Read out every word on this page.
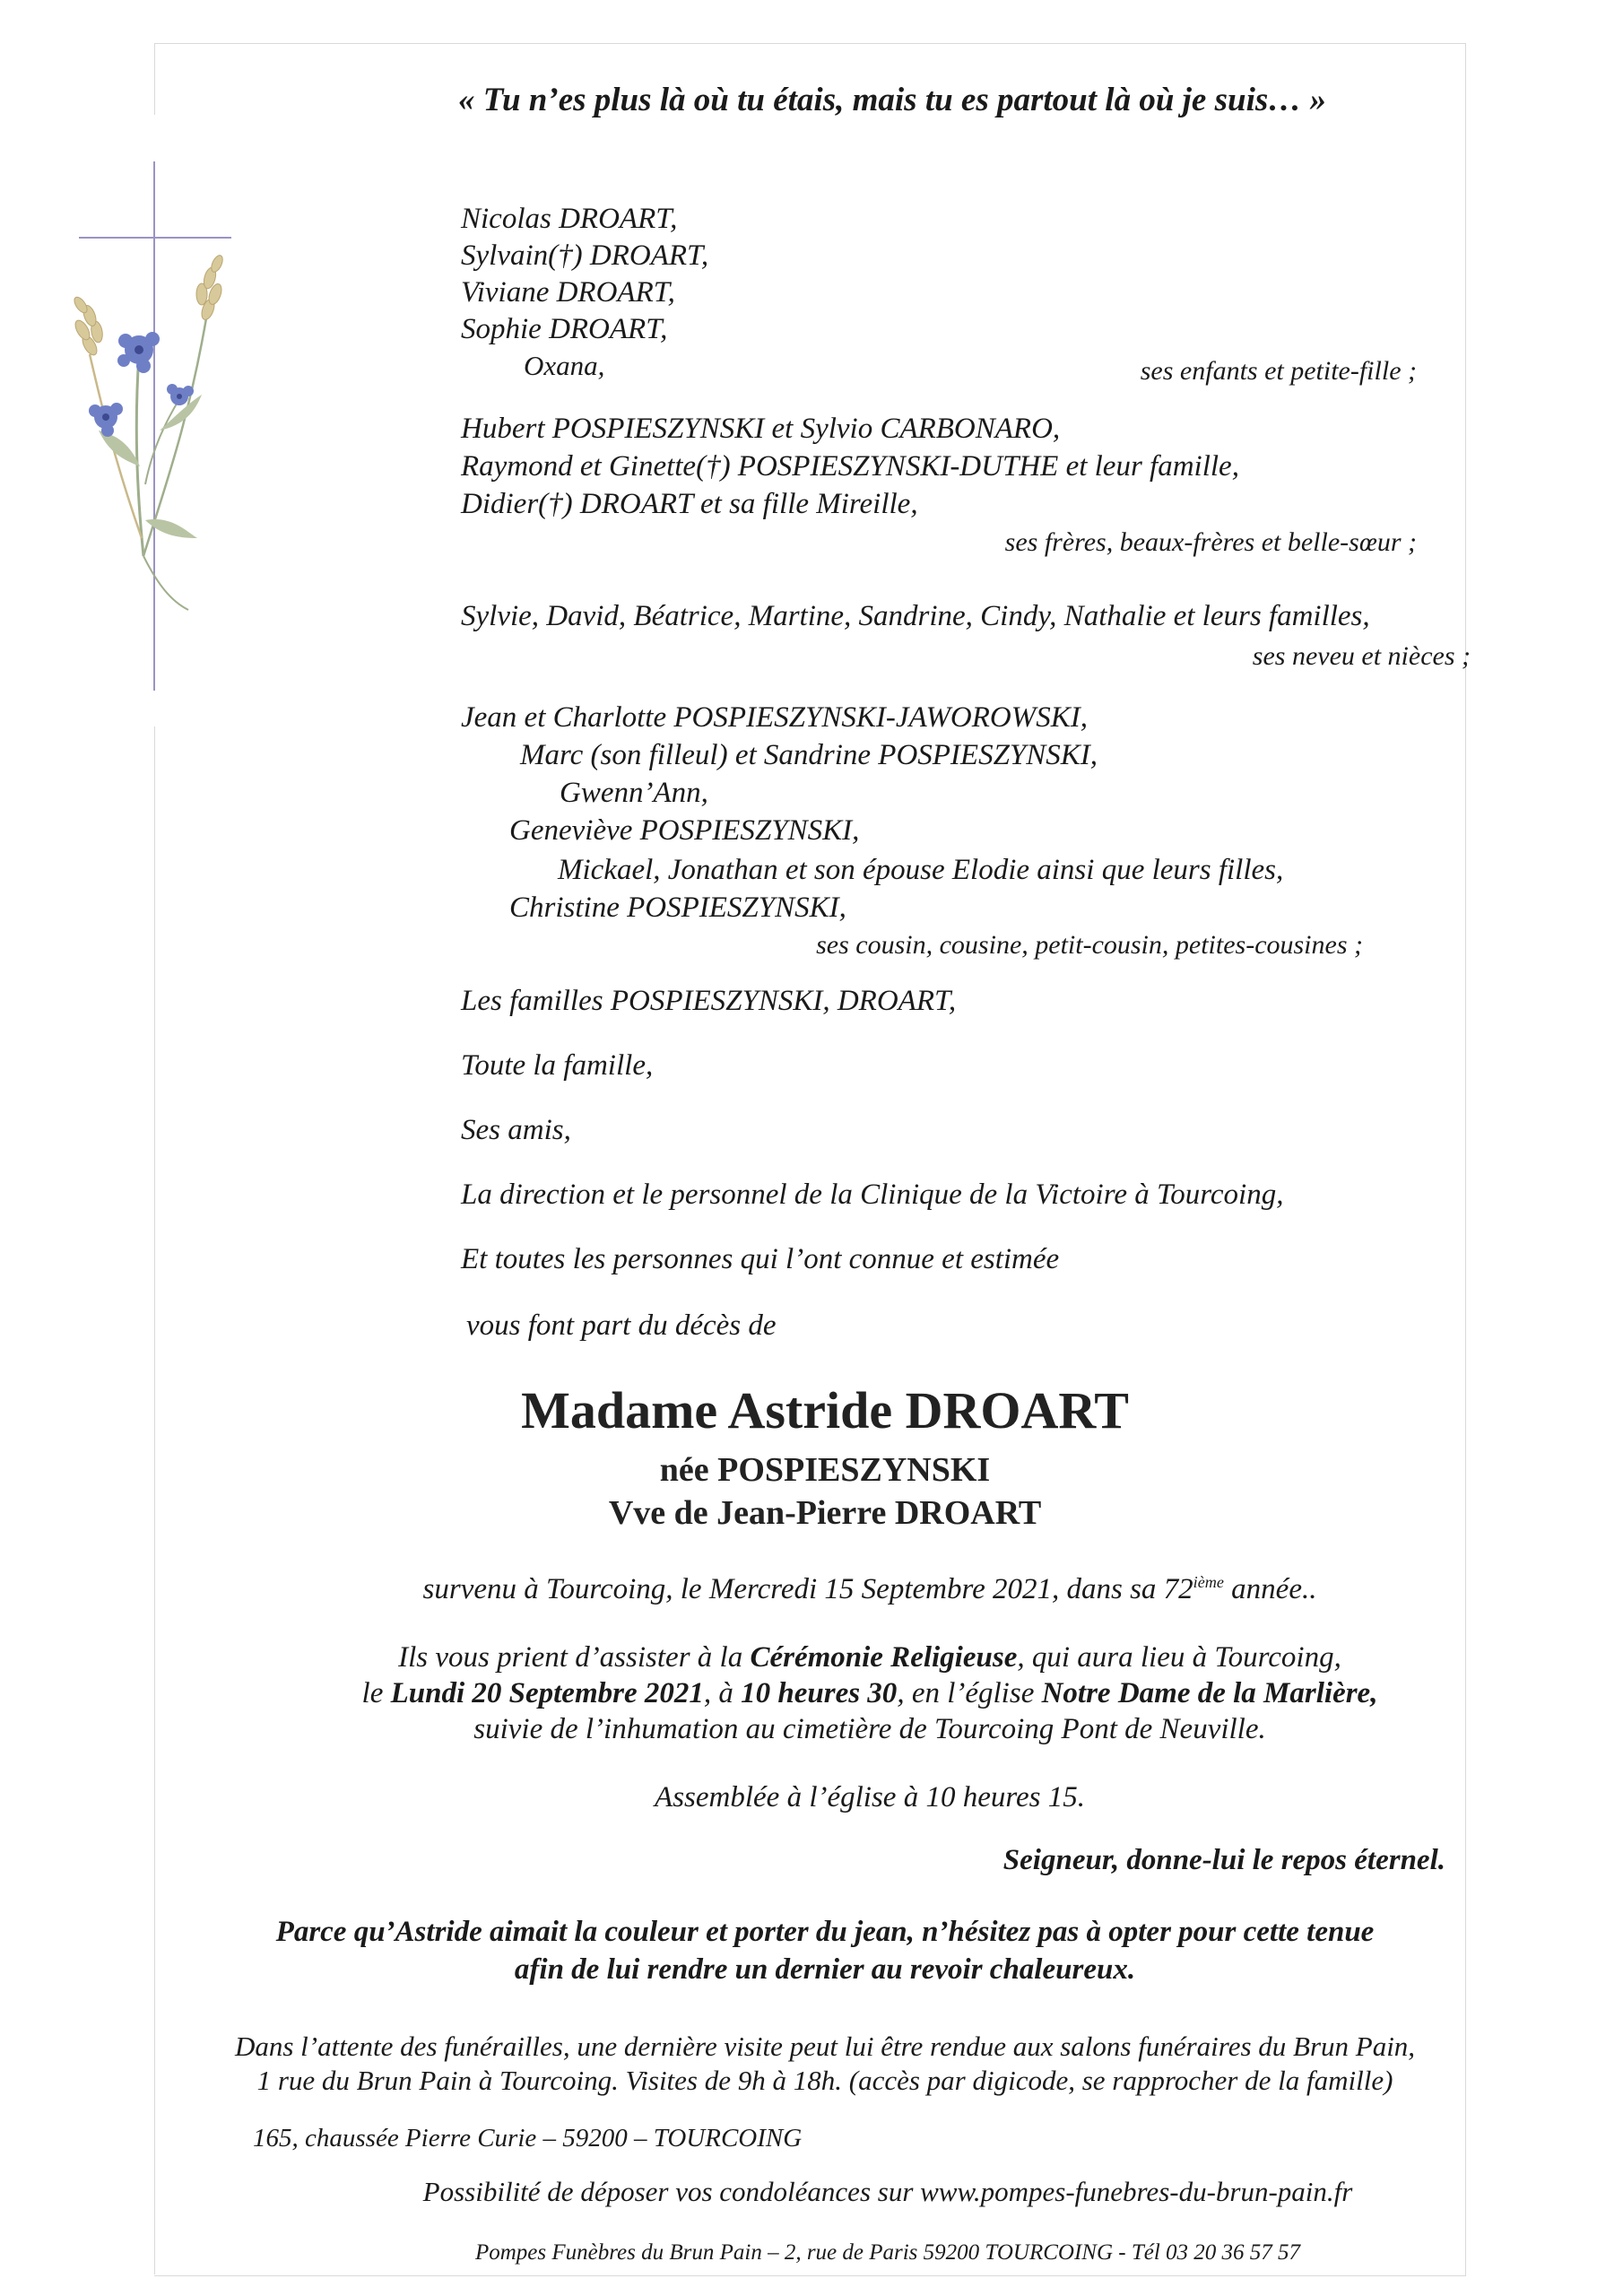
« Tu n’es plus là où tu étais, mais tu es partout là où je suis… »
Nicolas DROART,
Sylvain(†) DROART,
Viviane DROART,
Sophie DROART,
Oxana,	ses enfants et petite-fille ;
Hubert POSPIESZYNSKI et Sylvio CARBONARO,
Raymond et Ginette(†) POSPIESZYNSKI-DUTHE et leur famille,
Didier(†) DROART et sa fille Mireille,
ses frères, beaux-frères et belle-sœur ;
Sylvie, David, Béatrice, Martine, Sandrine, Cindy, Nathalie et leurs familles,
ses neveu et nièces ;
Jean et Charlotte POSPIESZYNSKI-JAWOROWSKI,
Marc (son filleul) et Sandrine POSPIESZYNSKI,
Gwenn’Ann,
Geneviève POSPIESZYNSKI,
Mickael, Jonathan et son épouse Elodie ainsi que leurs filles,
Christine POSPIESZYNSKI,
ses cousin, cousine, petit-cousin, petites-cousines ;
Les familles POSPIESZYNSKI, DROART,
Toute la famille,
Ses amis,
La direction et le personnel de la Clinique de la Victoire à Tourcoing,
Et toutes les personnes qui l’ont connue et estimée
vous font part du décès de
Madame Astride DROART
née POSPIESZYNSKI
Vve de Jean-Pierre DROART
survenu à Tourcoing, le Mercredi 15 Septembre 2021, dans sa 72ième année..
Ils vous prient d’assister à la Cérémonie Religieuse, qui aura lieu à Tourcoing,
le Lundi 20 Septembre 2021, à 10 heures 30, en l’église Notre Dame de la Marlière,
suivie de l’inhumation au cimetière de Tourcoing Pont de Neuville.
Assemblée à l’église à 10 heures 15.
Seigneur, donne-lui le repos éternel.
Parce qu’Astride aimait la couleur et porter du jean, n’hésitez pas à opter pour cette tenue
afin de lui rendre un dernier au revoir chaleureux.
Dans l’attente des funérailles, une dernière visite peut lui être rendue aux salons funéraires du Brun Pain,
1 rue du Brun Pain à Tourcoing. Visites de 9h à 18h. (accès par digicode, se rapprocher de la famille)
165, chaussée Pierre Curie – 59200 – TOURCOING
Possibilité de déposer vos condoléances sur www.pompes-funebres-du-brun-pain.fr
Pompes Funèbres du Brun Pain – 2, rue de Paris 59200 TOURCOING - Tél 03 20 36 57 57
